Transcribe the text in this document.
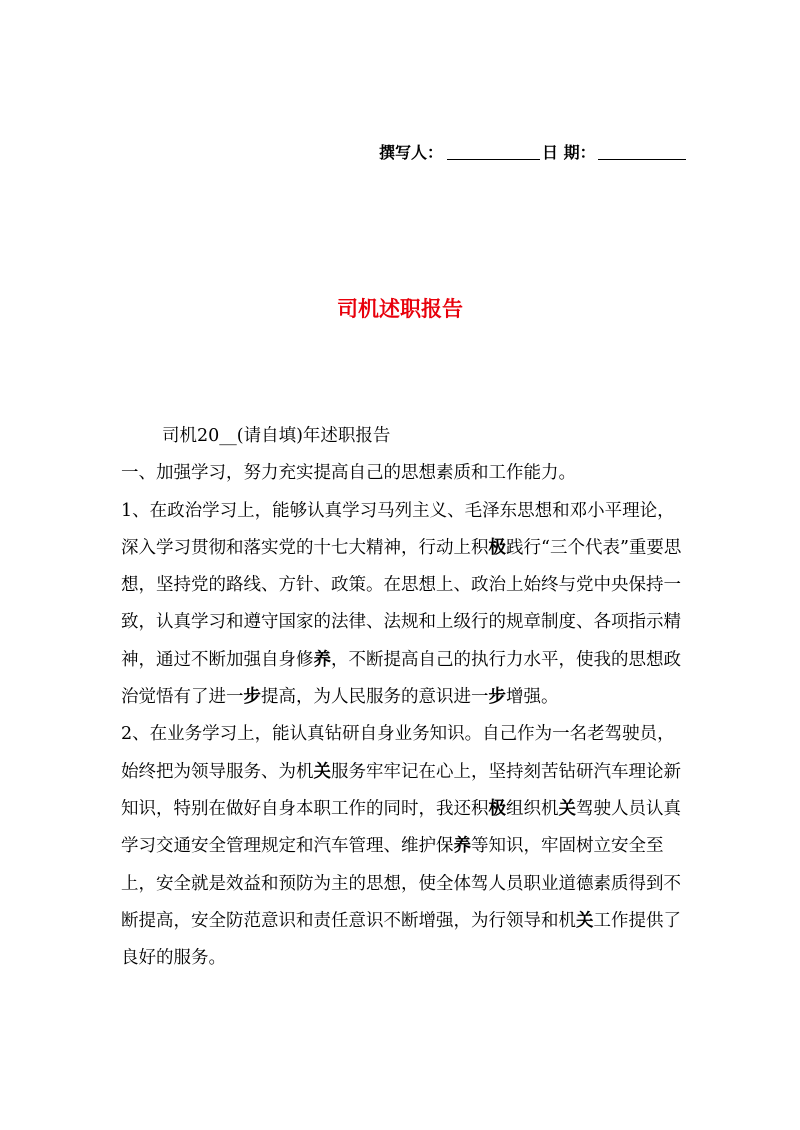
撰写人：	日 期：
司机述职报告

司机20__(请自填)年述职报告

一、加强学习，努力充实提高自己的思想素质和工作能力。

1、在政治学习上，能够认真学习马列主义、毛泽东思想和邓小平理论，深入学习贯彻和落实党的十七大精神，行动上积极践行“三个代表”重要思想，坚持党的路线、方针、政策。在思想上、政治上始终与党中央保持一致，认真学习和遵守国家的法律、法规和上级行的规章制度、各项指示精神，通过不断加强自身修养，不断提高自己的执行力水平，使我的思想政治觉悟有了进一步提高，为人民服务的意识进一步增强。

2、在业务学习上，能认真钻研自身业务知识。自己作为一名老驾驶员，始终把为领导服务、为机关服务牢牢记在心上，坚持刻苦钻研汽车理论新知识，特别在做好自身本职工作的同时，我还积极组织机关驾驶人员认真学习交通安全管理规定和汽车管理、维护保养等知识，牢固树立安全至上，安全就是效益和预防为主的思想，使全体驾人员职业道德素质得到不断提高，安全防范意识和责任意识不断增强，为行领导和机关工作提供了良好的服务。
